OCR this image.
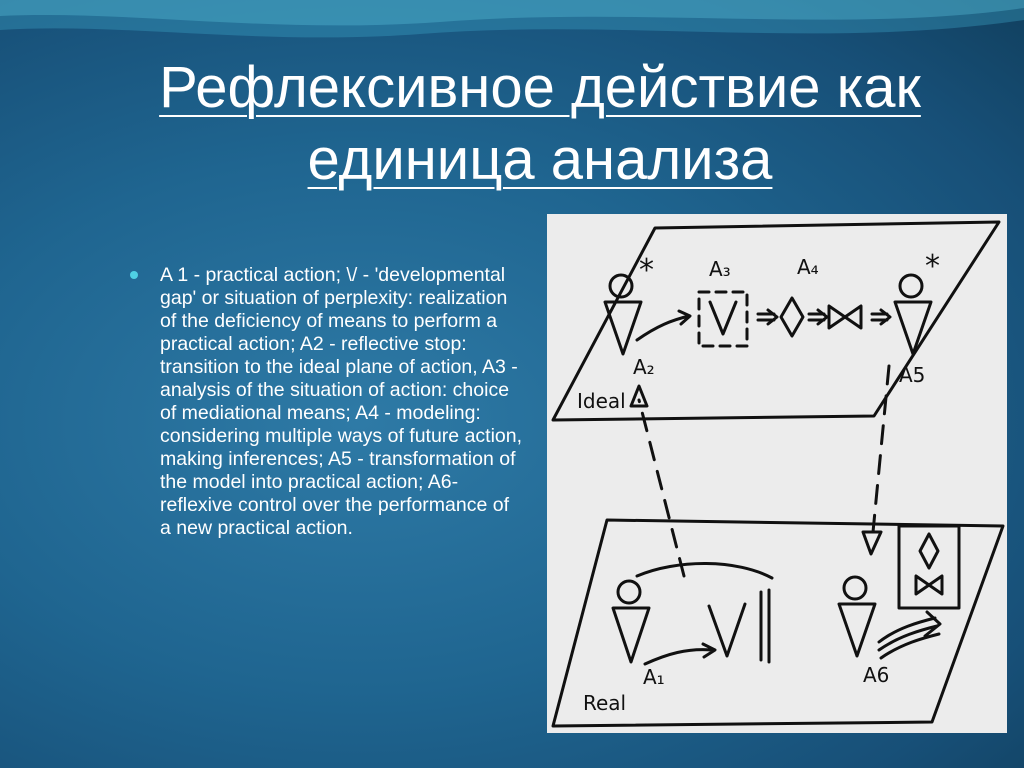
Рефлексивное действие как
единица анализа
A 1 - practical action; \/ - 'developmental gap' or situation of perplexity: realization of the deficiency of means to perform a practical action; A2 - reflective stop: transition to the ideal plane of action, A3 - analysis of the situation of action: choice of mediational means; A4 - modeling: considering multiple ways of future action, making inferences; A5 - transformation of the model into practical action; A6- reflexive control over the performance of a new practical action.
Ideal
Real
A₂
A₃	A₄
A5
A₁	A6
*	*
